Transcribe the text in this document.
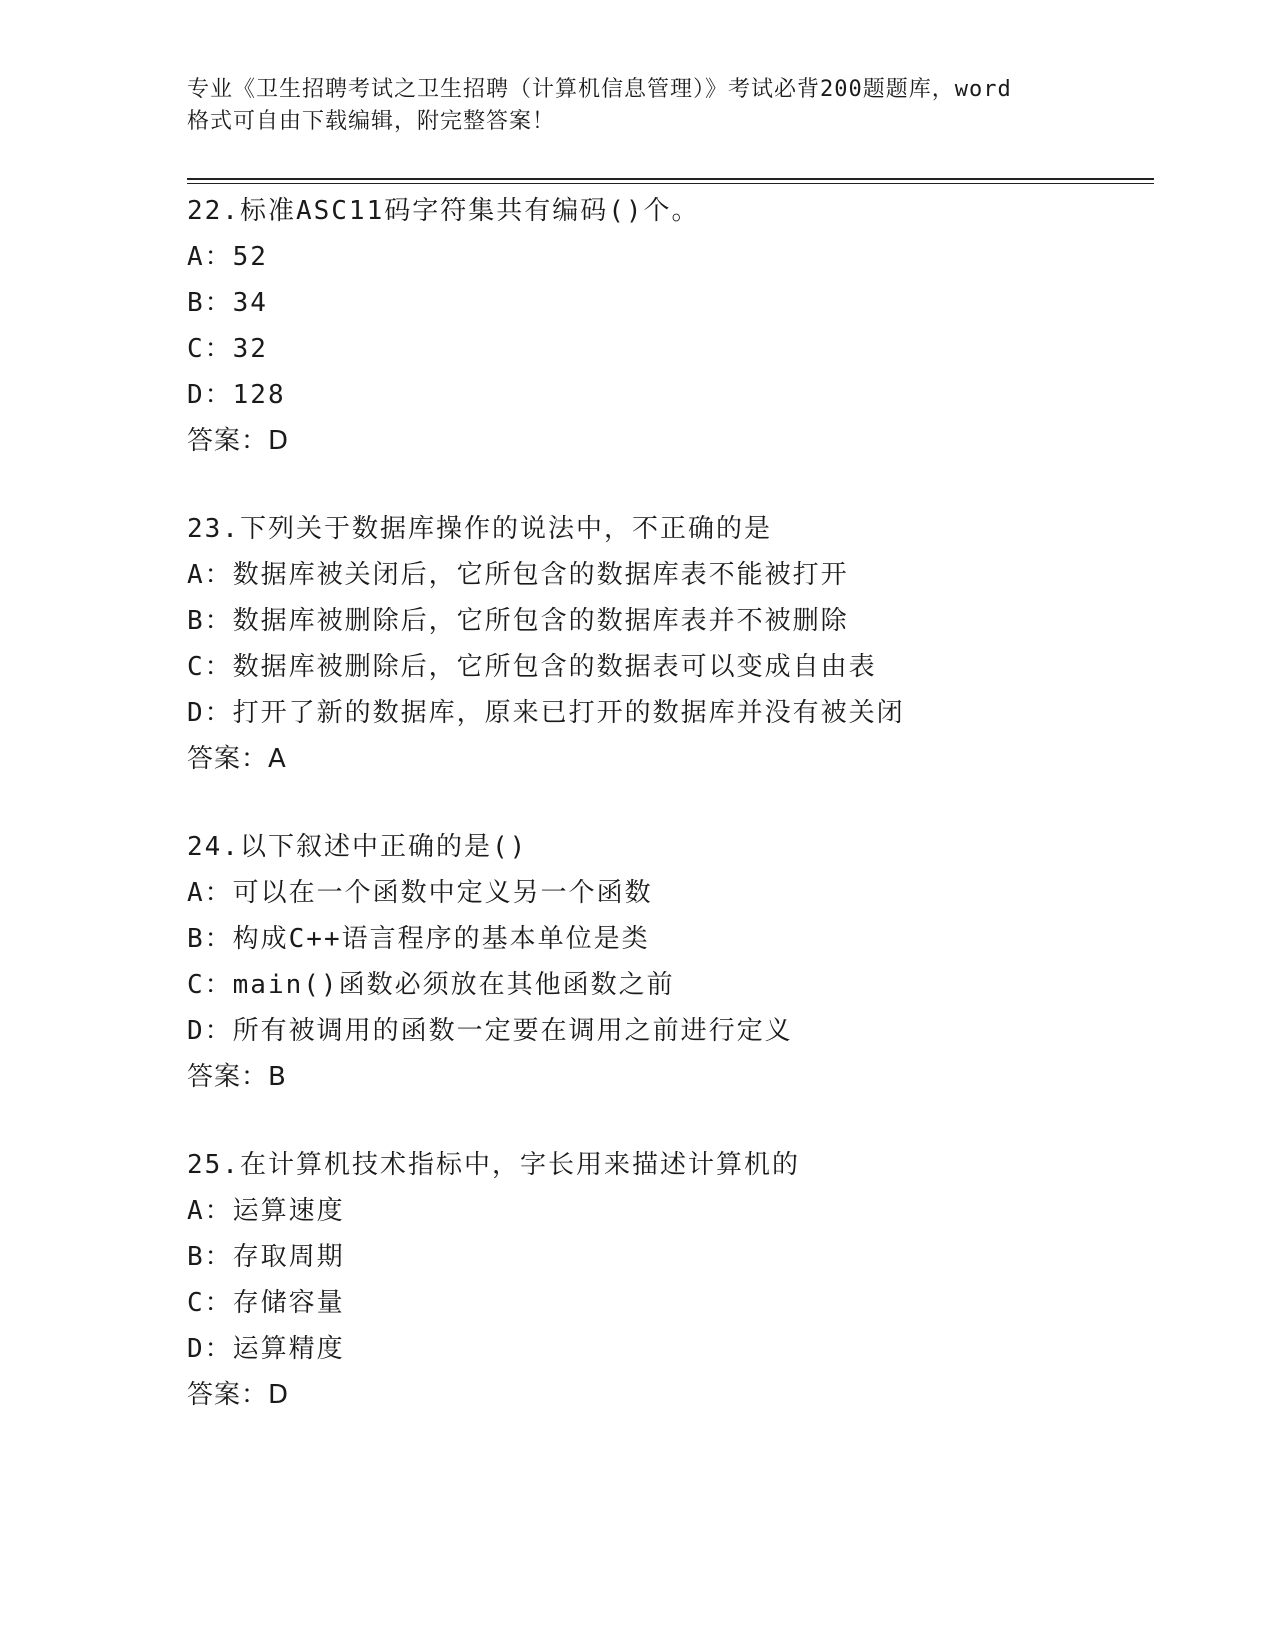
专业《卫生招聘考试之卫生招聘（计算机信息管理）》考试必背200题题库，word
格式可自由下载编辑，附完整答案！
22.标准ASC11码字符集共有编码()个。
A：52
B：34
C：32
D：128
答案：D
23.下列关于数据库操作的说法中，不正确的是
A：数据库被关闭后，它所包含的数据库表不能被打开
B：数据库被删除后，它所包含的数据库表并不被删除
C：数据库被删除后，它所包含的数据表可以变成自由表
D：打开了新的数据库，原来已打开的数据库并没有被关闭
答案：A
24.以下叙述中正确的是()
A：可以在一个函数中定义另一个函数
B：构成C++语言程序的基本单位是类
C：main()函数必须放在其他函数之前
D：所有被调用的函数一定要在调用之前进行定义
答案：B
25.在计算机技术指标中，字长用来描述计算机的
A：运算速度
B：存取周期
C：存储容量
D：运算精度
答案：D
